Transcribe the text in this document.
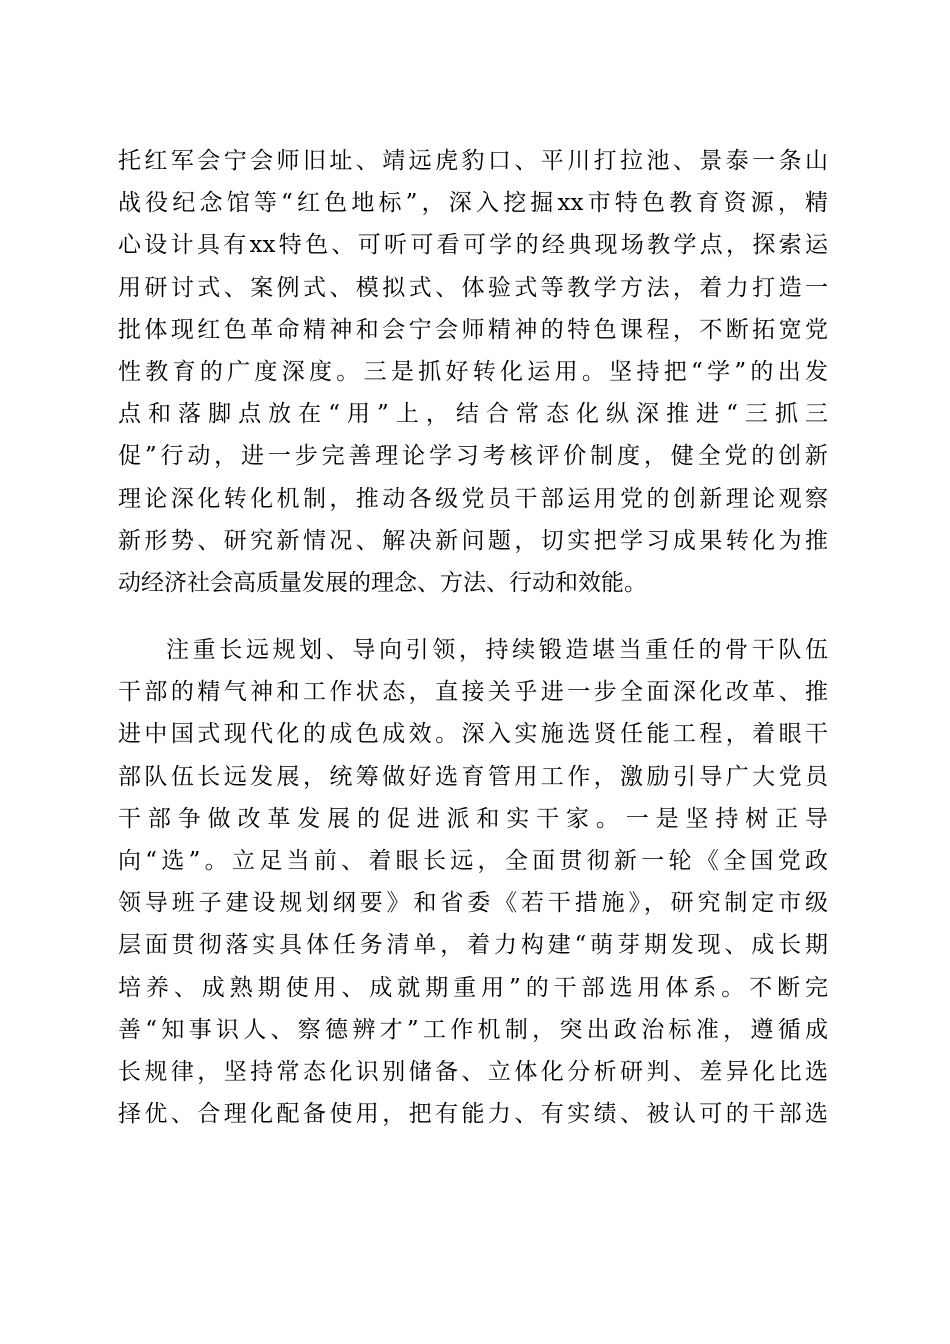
托红军会宁会师旧址、靖远虎豹口、平川打拉池、景泰一条山
战役纪念馆等“红色地标”，深入挖掘xx市特色教育资源，精
心设计具有xx特色、可听可看可学的经典现场教学点，探索运
用研讨式、案例式、模拟式、体验式等教学方法，着力打造一
批体现红色革命精神和会宁会师精神的特色课程，不断拓宽党
性教育的广度深度。三是抓好转化运用。坚持把“学”的出发
点和落脚点放在“用”上，结合常态化纵深推进“三抓三
促”行动，进一步完善理论学习考核评价制度，健全党的创新
理论深化转化机制，推动各级党员干部运用党的创新理论观察
新形势、研究新情况、解决新问题，切实把学习成果转化为推
动经济社会高质量发展的理念、方法、行动和效能。
注重长远规划、导向引领，持续锻造堪当重任的骨干队伍
干部的精气神和工作状态，直接关乎进一步全面深化改革、推
进中国式现代化的成色成效。深入实施选贤任能工程，着眼干
部队伍长远发展，统筹做好选育管用工作，激励引导广大党员
干部争做改革发展的促进派和实干家。一是坚持树正导
向“选”。立足当前、着眼长远，全面贯彻新一轮《全国党政
领导班子建设规划纲要》和省委《若干措施》，研究制定市级
层面贯彻落实具体任务清单，着力构建“萌芽期发现、成长期
培养、成熟期使用、成就期重用”的干部选用体系。不断完
善“知事识人、察德辨才”工作机制，突出政治标准，遵循成
长规律，坚持常态化识别储备、立体化分析研判、差异化比选
择优、合理化配备使用，把有能力、有实绩、被认可的干部选
